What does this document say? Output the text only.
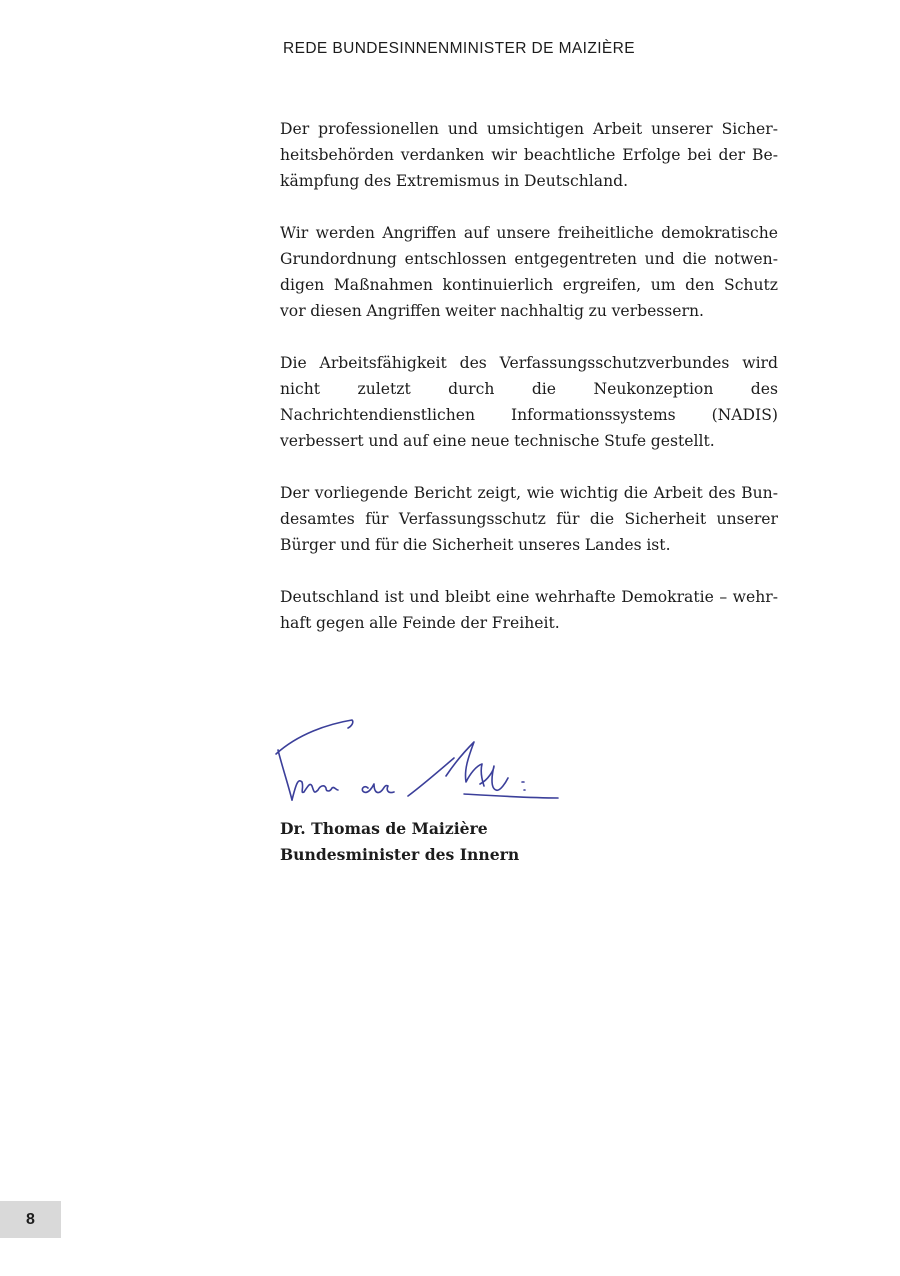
REDE BUNDESINNENMINISTER DE MAIZIÈRE

Der professionellen und umsichtigen Arbeit unserer Sicherheitsbehörden verdanken wir beachtliche Erfolge bei der Bekämpfung des Extremismus in Deutschland.

Wir werden Angriffen auf unsere freiheitliche demokratische Grundordnung entschlossen entgegentreten und die notwendigen Maßnahmen kontinuierlich ergreifen, um den Schutz vor diesen Angriffen weiter nachhaltig zu verbessern.

Die Arbeitsfähigkeit des Verfassungsschutzverbundes wird nicht zuletzt durch die Neukonzeption des Nachrichtendienstlichen Informationssystems (NADIS) verbessert und auf eine neue technische Stufe gestellt.

Der vorliegende Bericht zeigt, wie wichtig die Arbeit des Bundesamtes für Verfassungsschutz für die Sicherheit unserer Bürger und für die Sicherheit unseres Landes ist.

Deutschland ist und bleibt eine wehrhafte Demokratie – wehrhaft gegen alle Feinde der Freiheit.

Dr. Thomas de Maizière
Bundesminister des Innern
8
